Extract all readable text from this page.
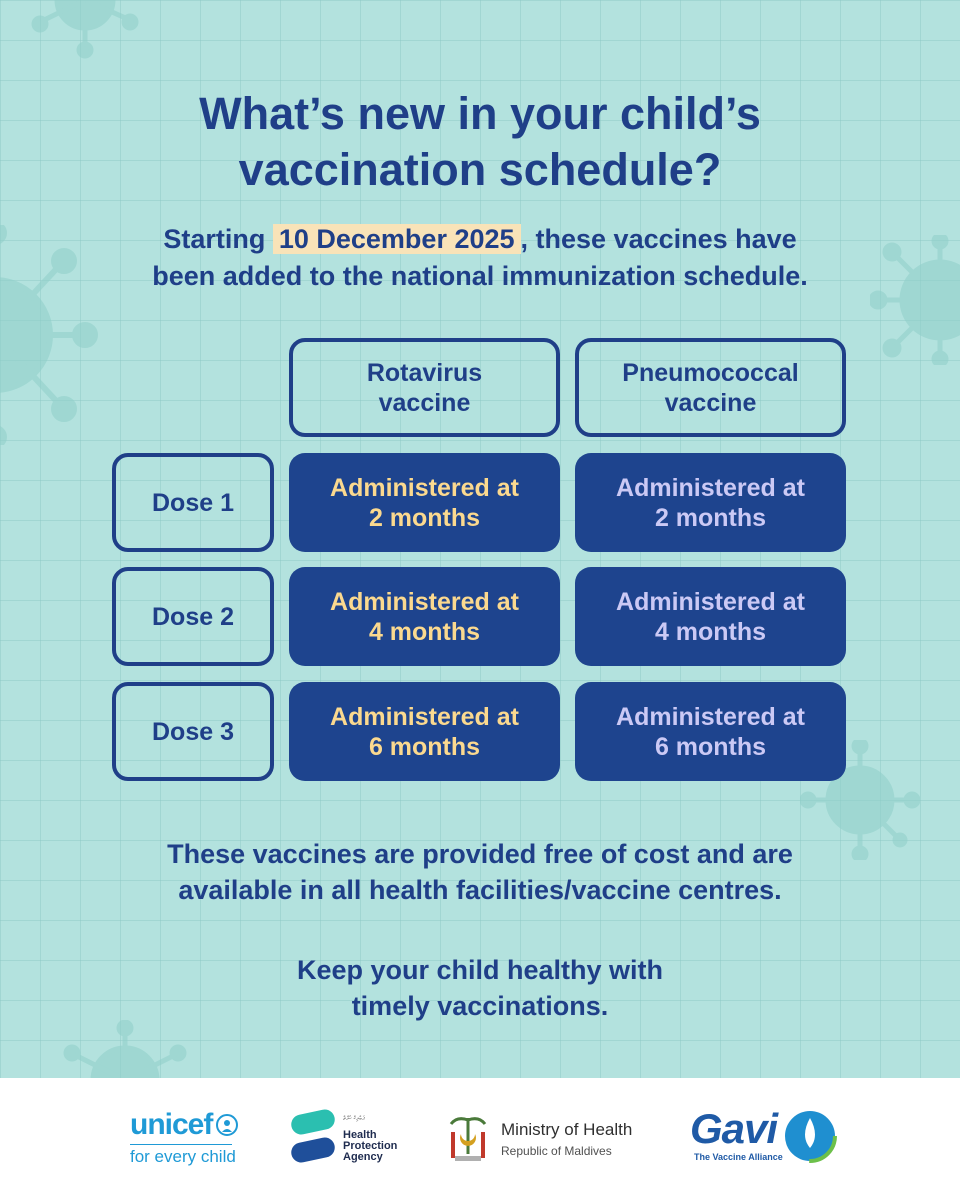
What’s new in your child’s
vaccination schedule?
Starting 10 December 2025 , these vaccines have
been added to the national immunization schedule.
Rotavirus
vaccine
Pneumococcal
vaccine
Dose 1
Administered at
2 months
Administered at
2 months
Dose 2
Administered at
4 months
Administered at
4 months
Dose 3
Administered at
6 months
Administered at
6 months
These vaccines are provided free of cost and are
available in all health facilities/vaccine centres.
Keep your child healthy with
timely vaccinations.
unicef
for every child
ޕަބްލިކް ހެލްތް
Health
Protection
Agency
Ministry of Health
Republic of Maldives Gavi
The Vaccine Alliance
